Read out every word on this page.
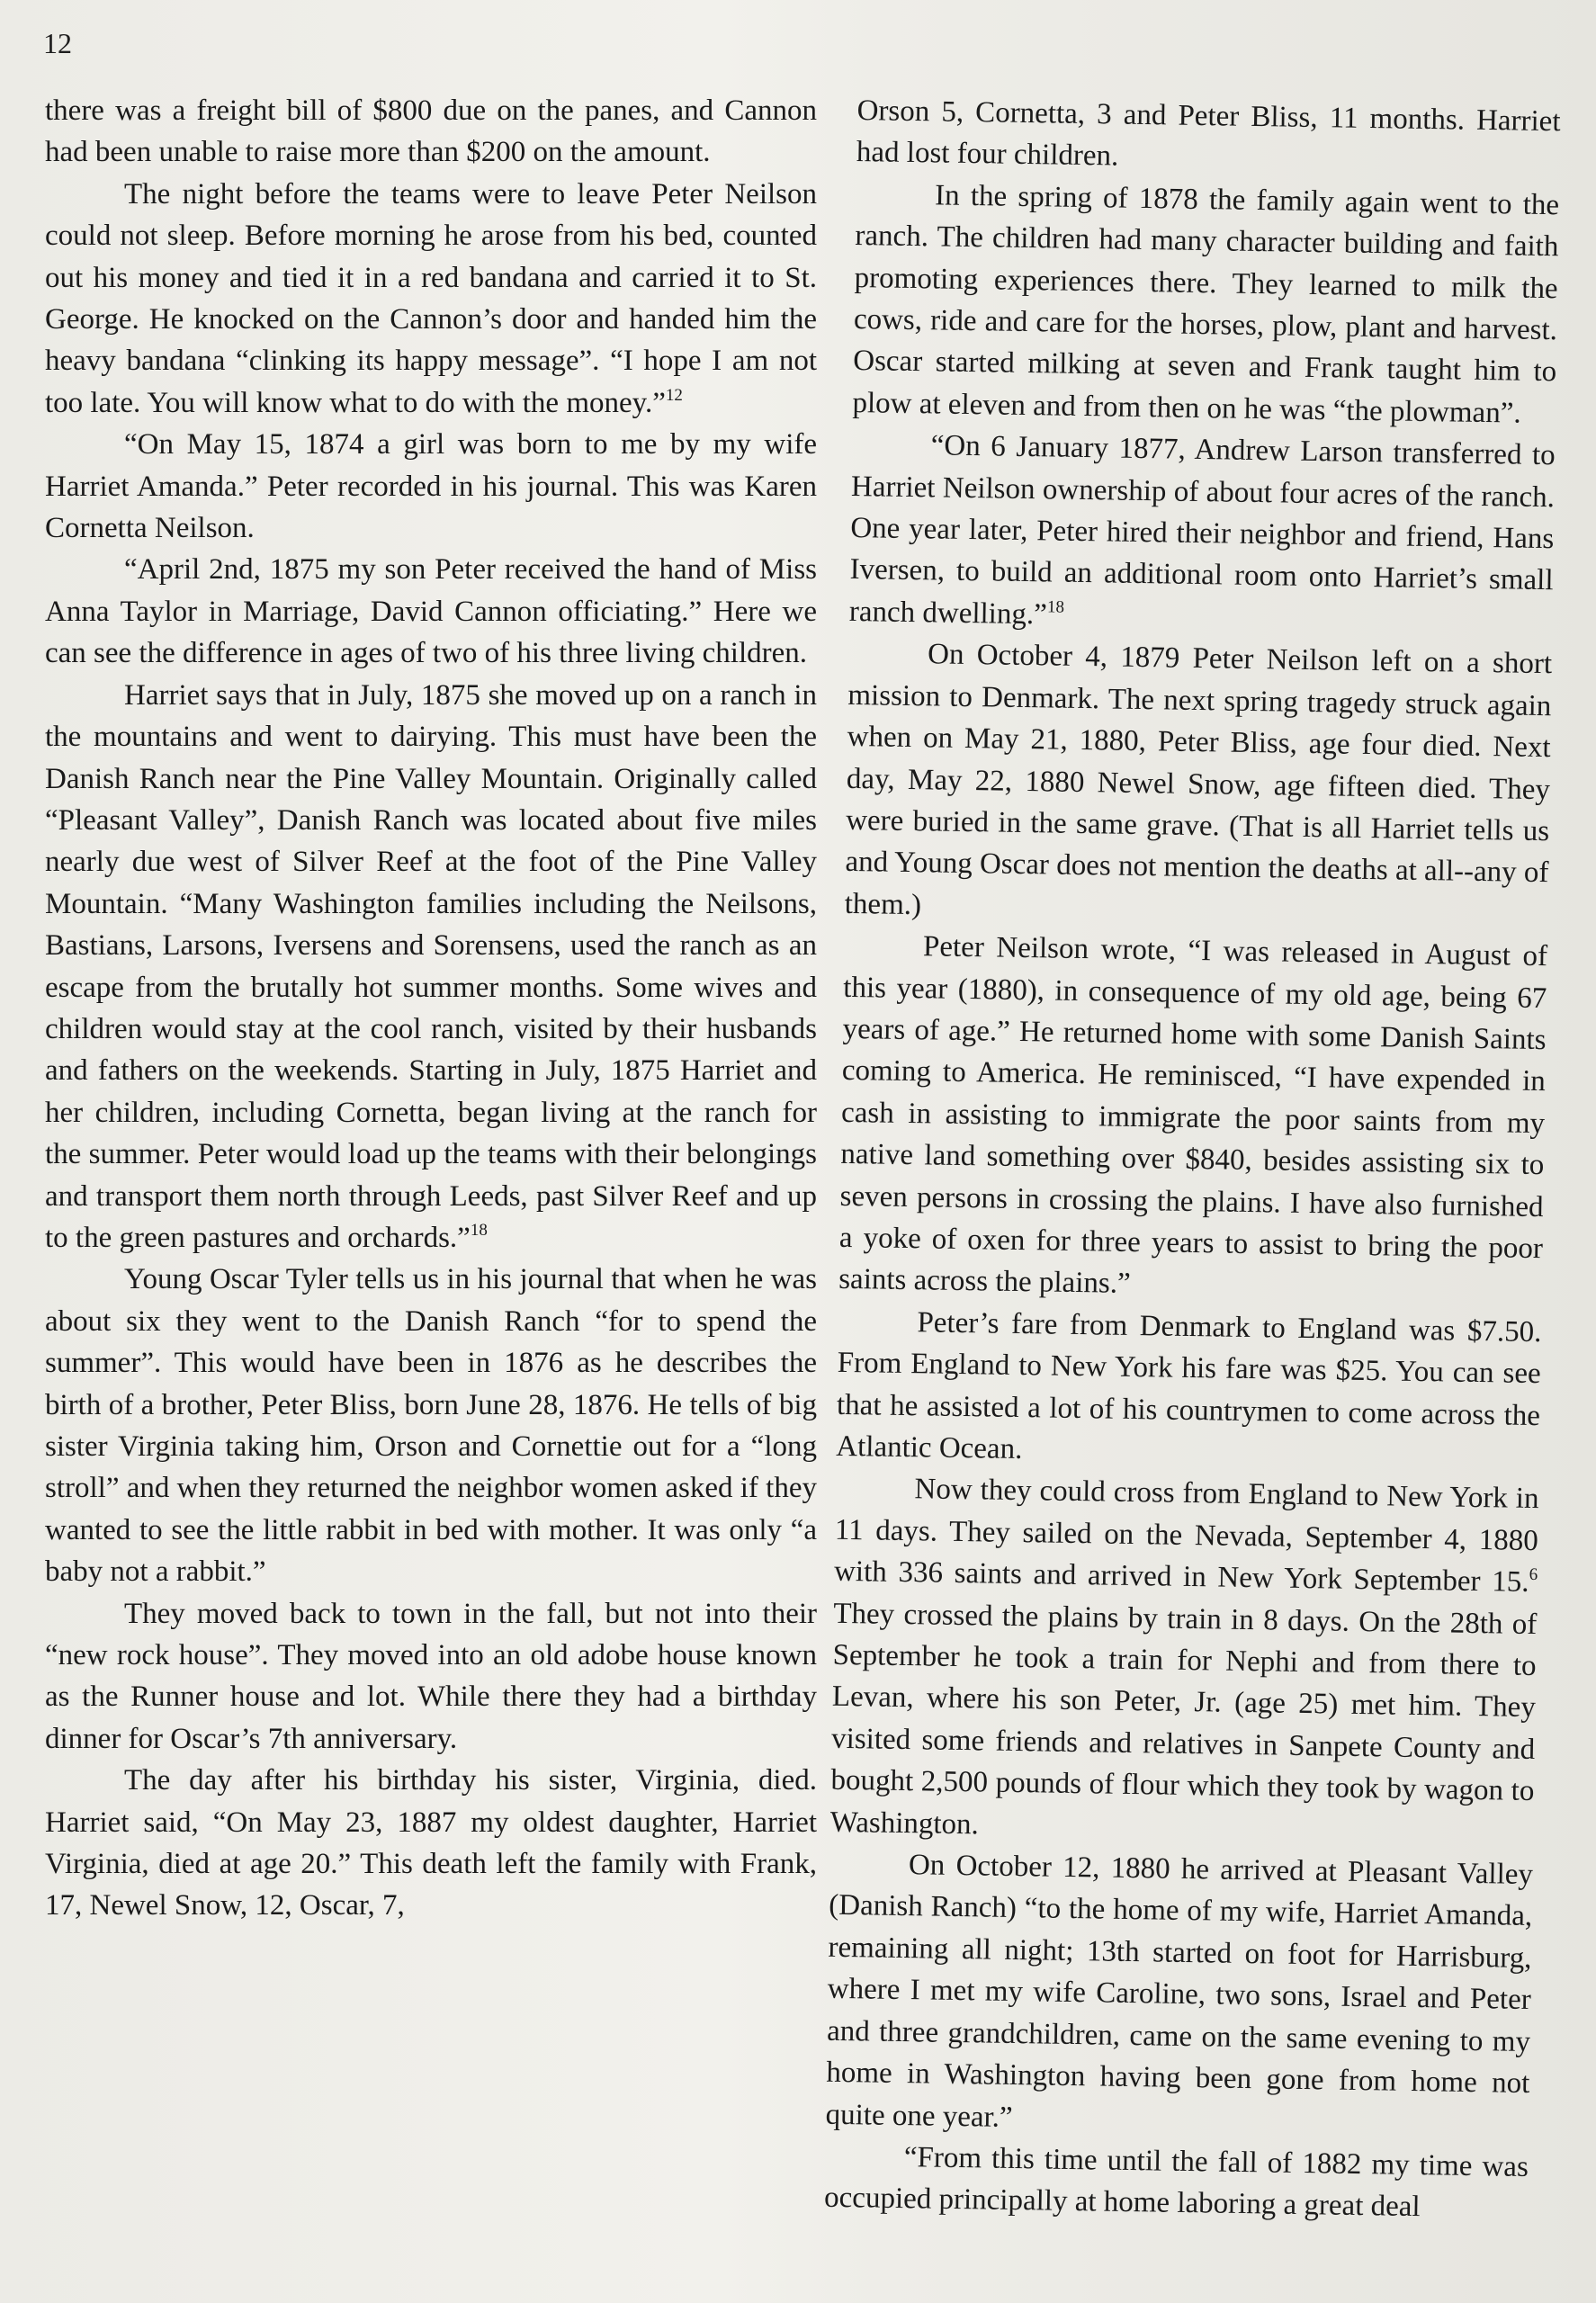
12

there was a freight bill of $800 due on the panes, and Cannon had been unable to raise more than $200 on the amount.

The night before the teams were to leave Peter Neilson could not sleep. Before morning he arose from his bed, counted out his money and tied it in a red bandana and carried it to St. George. He knocked on the Cannon’s door and handed him the heavy bandana “clinking its happy message”. “I hope I am not too late. You will know what to do with the money.”$^{12}$

“On May 15, 1874 a girl was born to me by my wife Harriet Amanda.” Peter recorded in his journal. This was Karen Cornetta Neilson.

“April 2nd, 1875 my son Peter received the hand of Miss Anna Taylor in Marriage, David Cannon officiating.” Here we can see the difference in ages of two of his three living children.

Harriet says that in July, 1875 she moved up on a ranch in the mountains and went to dairying. This must have been the Danish Ranch near the Pine Valley Mountain. Originally called “Pleasant Valley”, Danish Ranch was located about five miles nearly due west of Silver Reef at the foot of the Pine Valley Mountain. “Many Washington families including the Neilsons, Bastians, Larsons, Iversens and Sorensens, used the ranch as an escape from the brutally hot summer months. Some wives and children would stay at the cool ranch, visited by their husbands and fathers on the weekends. Starting in July, 1875 Harriet and her children, including Cornetta, began living at the ranch for the summer. Peter would load up the teams with their belongings and transport them north through Leeds, past Silver Reef and up to the green pastures and orchards.”$^{18}$

Young Oscar Tyler tells us in his journal that when he was about six they went to the Danish Ranch “for to spend the summer”. This would have been in 1876 as he describes the birth of a brother, Peter Bliss, born June 28, 1876. He tells of big sister Virginia taking him, Orson and Cornettie out for a “long stroll” and when they returned the neighbor women asked if they wanted to see the little rabbit in bed with mother. It was only “a baby not a rabbit.”

They moved back to town in the fall, but not into their “new rock house”. They moved into an old adobe house known as the Runner house and lot. While there they had a birthday dinner for Oscar’s 7th anniversary.

The day after his birthday his sister, Virginia, died. Harriet said, “On May 23, 1887 my oldest daughter, Harriet Virginia, died at age 20.” This death left the family with Frank, 17, Newel Snow, 12, Oscar, 7,

Orson 5, Cornetta, 3 and Peter Bliss, 11 months. Harriet had lost four children.

In the spring of 1878 the family again went to the ranch. The children had many character building and faith promoting experiences there. They learned to milk the cows, ride and care for the horses, plow, plant and harvest. Oscar started milking at seven and Frank taught him to plow at eleven and from then on he was “the plowman”.

“On 6 January 1877, Andrew Larson transferred to Harriet Neilson ownership of about four acres of the ranch. One year later, Peter hired their neighbor and friend, Hans Iversen, to build an additional room onto Harriet’s small ranch dwelling.”$^{18}$

On October 4, 1879 Peter Neilson left on a short mission to Denmark. The next spring tragedy struck again when on May 21, 1880, Peter Bliss, age four died. Next day, May 22, 1880 Newel Snow, age fifteen died. They were buried in the same grave. (That is all Harriet tells us and Young Oscar does not mention the deaths at all--any of them.)

Peter Neilson wrote, “I was released in August of this year (1880), in consequence of my old age, being 67 years of age.” He returned home with some Danish Saints coming to America. He reminisced, “I have expended in cash in assisting to immigrate the poor saints from my native land something over $840, besides assisting six to seven persons in crossing the plains. I have also furnished a yoke of oxen for three years to assist to bring the poor saints across the plains.”

Peter’s fare from Denmark to England was $7.50. From England to New York his fare was $25. You can see that he assisted a lot of his countrymen to come across the Atlantic Ocean.

Now they could cross from England to New York in 11 days. They sailed on the Nevada, September 4, 1880 with 336 saints and arrived in New York September 15.$^6$ They crossed the plains by train in 8 days. On the 28th of September he took a train for Nephi and from there to Levan, where his son Peter, Jr. (age 25) met him. They visited some friends and relatives in Sanpete County and bought 2,500 pounds of flour which they took by wagon to Washington.

On October 12, 1880 he arrived at Pleasant Valley (Danish Ranch) “to the home of my wife, Harriet Amanda, remaining all night; 13th started on foot for Harrisburg, where I met my wife Caroline, two sons, Israel and Peter and three grandchildren, came on the same evening to my home in Washington having been gone from home not quite one year.”

“From this time until the fall of 1882 my time was occupied principally at home laboring a great deal
